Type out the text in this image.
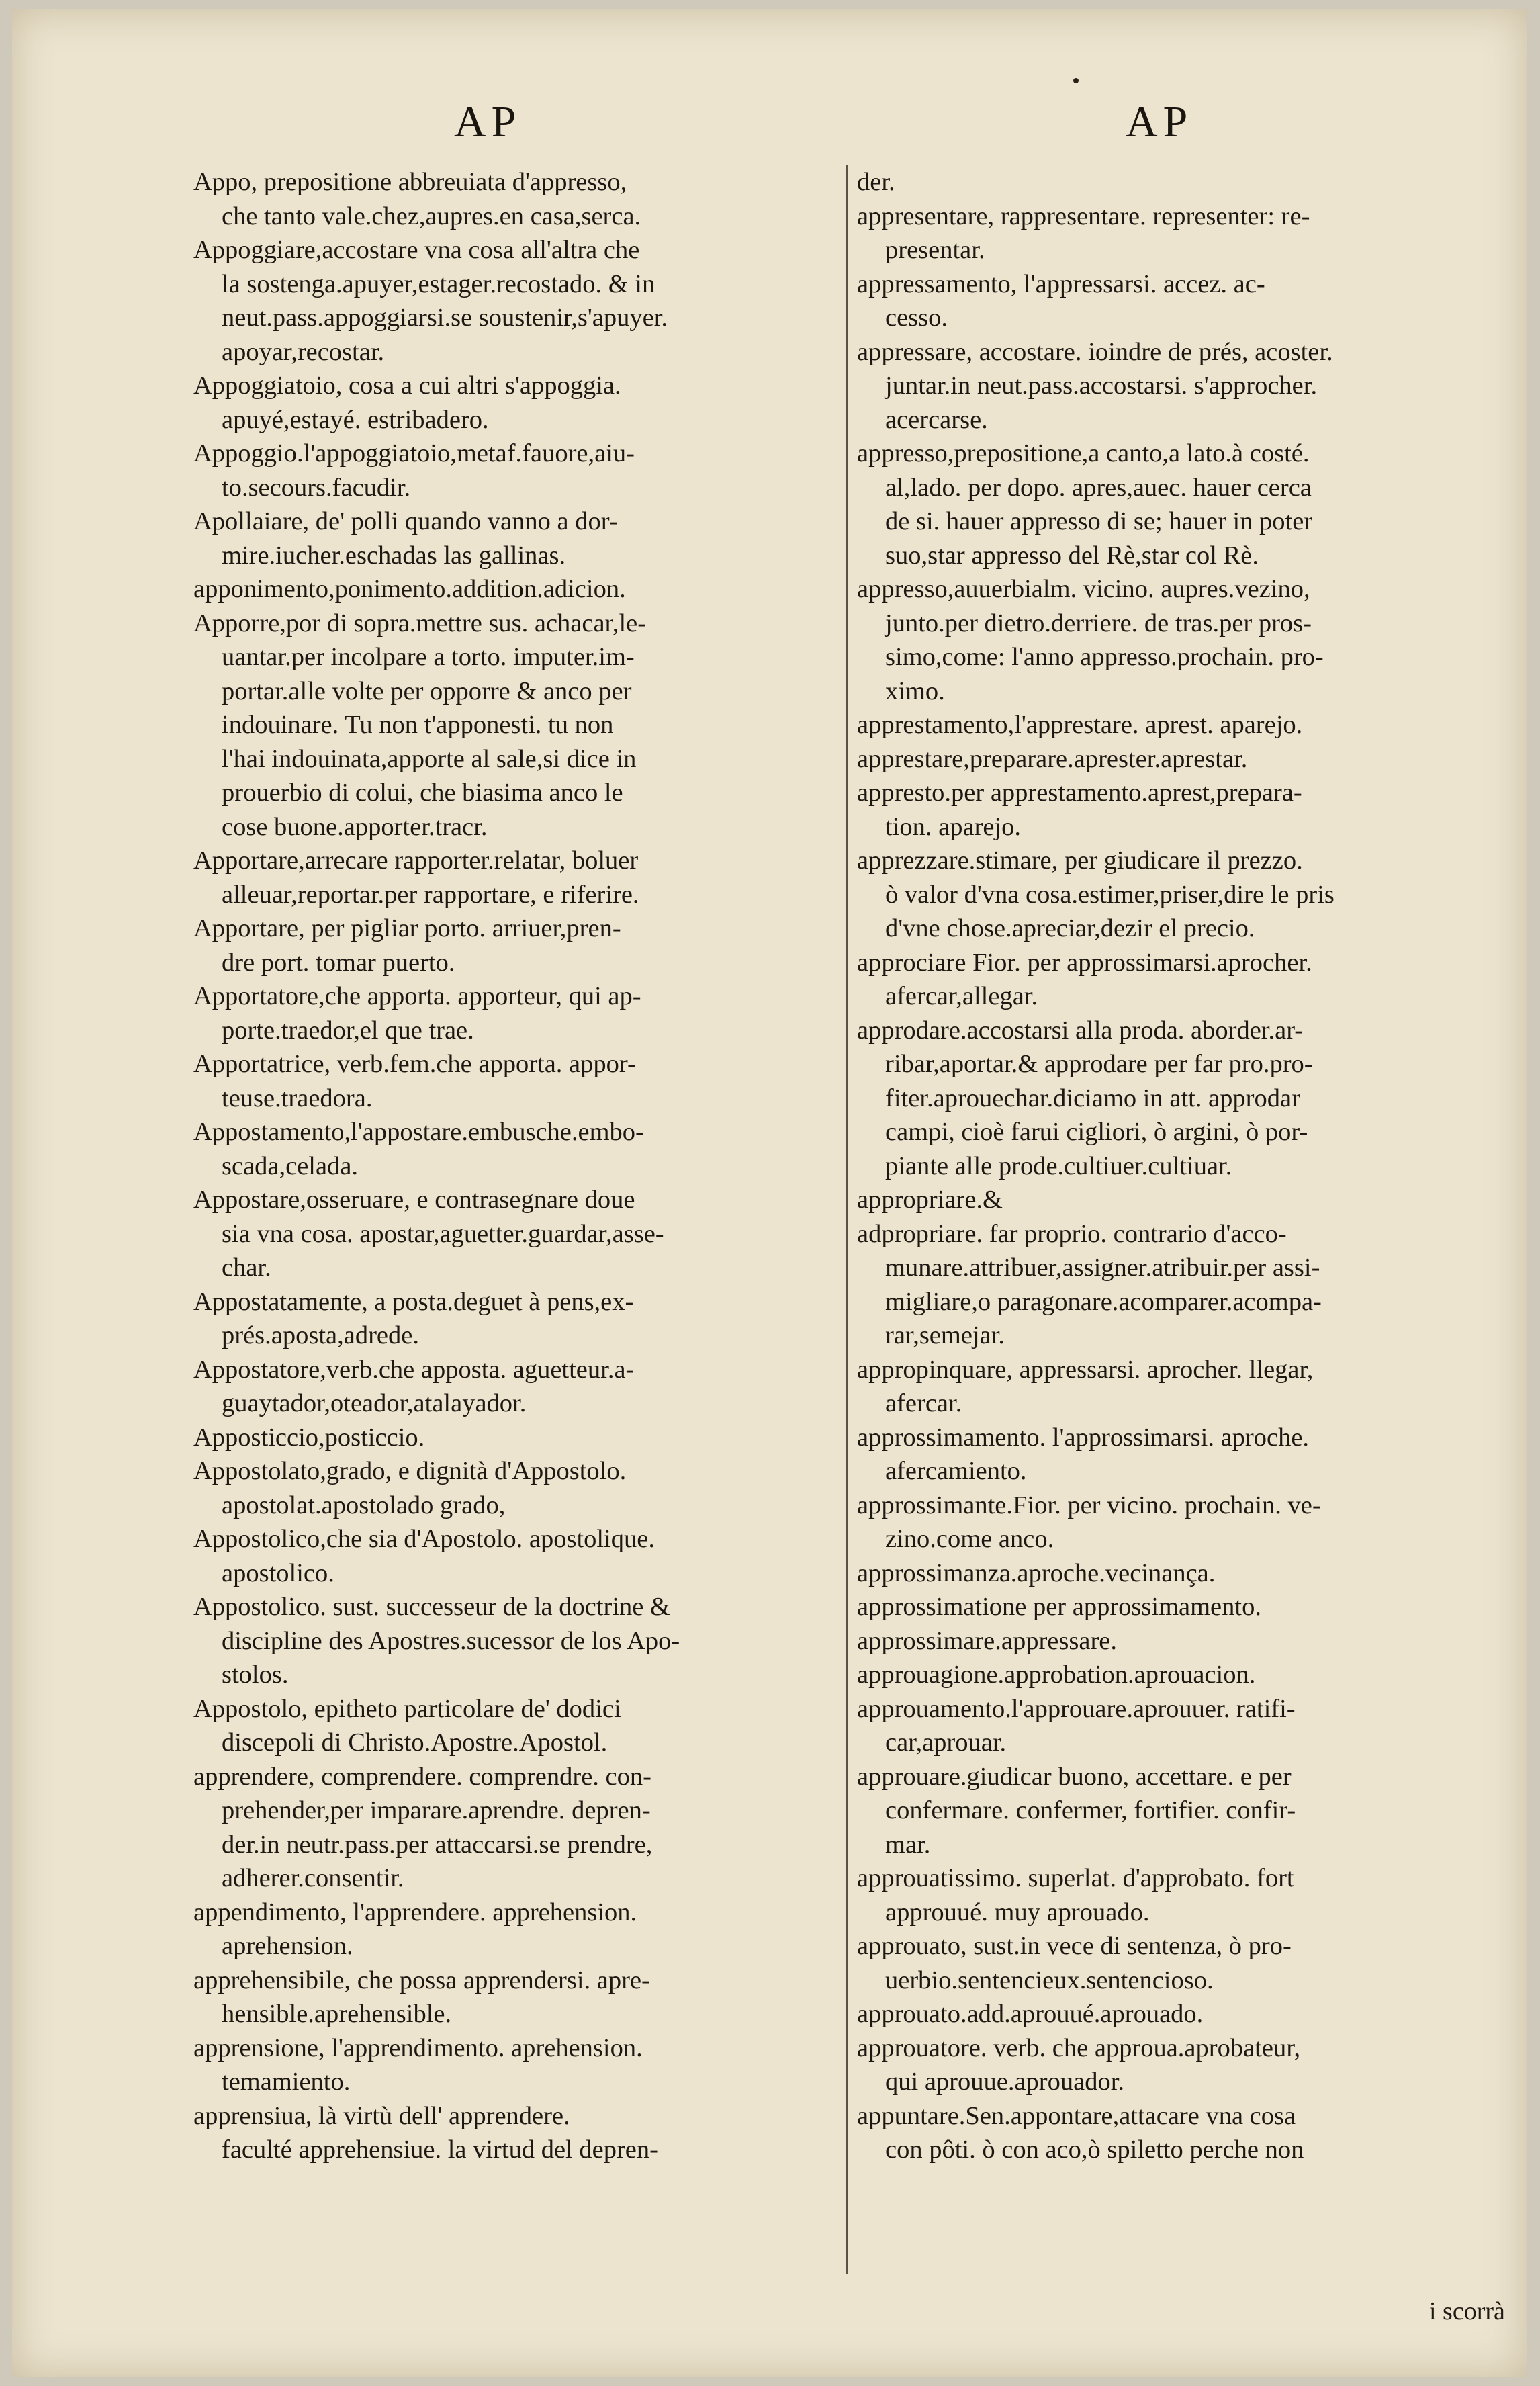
AP	AP
Appo, prepositione abbreuiata d'appresso,
che tanto vale.chez,aupres.en casa,serca.
Appoggiare,accostare vna cosa all'altra che
la sostenga.apuyer,estager.recostado. & in
neut.pass.appoggiarsi.se soustenir,s'apuyer.
apoyar,recostar.
Appoggiatoio, cosa a cui altri s'appoggia.
apuyé,estayé. estribadero.
Appoggio.l'appoggiatoio,metaf.fauore,aiu-
to.secours.facudir.
Apollaiare, de' polli quando vanno a dor-
mire.iucher.eschadas las gallinas.
apponimento,ponimento.addition.adicion.
Apporre,por di sopra.mettre sus. achacar,le-
uantar.per incolpare a torto. imputer.im-
portar.alle volte per opporre & anco per
indouinare. Tu non t'apponesti. tu non
l'hai indouinata,apporte al sale,si dice in
prouerbio di colui, che biasima anco le
cose buone.apporter.tracr.
Apportare,arrecare rapporter.relatar, boluer
alleuar,reportar.per rapportare, e riferire.
Apportare, per pigliar porto. arriuer,pren-
dre port. tomar puerto.
Apportatore,che apporta. apporteur, qui ap-
porte.traedor,el que trae.
Apportatrice, verb.fem.che apporta. appor-
teuse.traedora.
Appostamento,l'appostare.embusche.embo-
scada,celada.
Appostare,osseruare, e contrasegnare doue
sia vna cosa. apostar,aguetter.guardar,asse-
char.
Appostatamente, a posta.deguet à pens,ex-
prés.aposta,adrede.
Appostatore,verb.che apposta. aguetteur.a-
guaytador,oteador,atalayador.
Apposticcio,posticcio.
Appostolato,grado, e dignità d'Appostolo.
apostolat.apostolado grado,
Appostolico,che sia d'Apostolo. apostolique.
apostolico.
Appostolico. sust. successeur de la doctrine &
discipline des Apostres.sucessor de los Apo-
stolos.
Appostolo, epitheto particolare de' dodici
discepoli di Christo.Apostre.Apostol.
apprendere, comprendere. comprendre. con-
prehender,per imparare.aprendre. depren-
der.in neutr.pass.per attaccarsi.se prendre,
adherer.consentir.
appendimento, l'apprendere. apprehension.
aprehension.
apprehensibile, che possa apprendersi. apre-
hensible.aprehensible.
apprensione, l'apprendimento. aprehension.
temamiento.
apprensiua, là virtù dell' apprendere.
faculté apprehensiue. la virtud del depren-
der.
appresentare, rappresentare. representer: re-
presentar.
appressamento, l'appressarsi. accez. ac-
cesso.
appressare, accostare. ioindre de prés, acoster.
juntar.in neut.pass.accostarsi. s'approcher.
acercarse.
appresso,prepositione,a canto,a lato.à costé.
al,lado. per dopo. apres,auec. hauer cerca
de si. hauer appresso di se; hauer in poter
suo,star appresso del Rè,star col Rè.
appresso,auuerbialm. vicino. aupres.vezino,
junto.per dietro.derriere. de tras.per pros-
simo,come: l'anno appresso.prochain. pro-
ximo.
apprestamento,l'apprestare. aprest. aparejo.
apprestare,preparare.aprester.aprestar.
appresto.per apprestamento.aprest,prepara-
tion. aparejo.
apprezzare.stimare, per giudicare il prezzo.
ò valor d'vna cosa.estimer,priser,dire le pris
d'vne chose.apreciar,dezir el precio.
approciare Fior. per approssimarsi.aprocher.
afercar,allegar.
approdare.accostarsi alla proda. aborder.ar-
ribar,aportar.& approdare per far pro.pro-
fiter.aprouechar.diciamo in att. approdar
campi, cioè farui cigliori, ò argini, ò por-
piante alle prode.cultiuer.cultiuar.
appropriare.&
adpropriare. far proprio. contrario d'acco-
munare.attribuer,assigner.atribuir.per assi-
migliare,o paragonare.acomparer.acompa-
rar,semejar.
appropinquare, appressarsi. aprocher. llegar,
afercar.
approssimamento. l'approssimarsi. aproche.
afercamiento.
approssimante.Fior. per vicino. prochain. ve-
zino.come anco.
approssimanza.aproche.vecinança.
approssimatione per approssimamento.
approssimare.appressare.
approuagione.approbation.aprouacion.
approuamento.l'approuare.aprouuer. ratifi-
car,aprouar.
approuare.giudicar buono, accettare. e per
confermare. confermer, fortifier. confir-
mar.
approuatissimo. superlat. d'approbato. fort
approuué. muy aprouado.
approuato, sust.in vece di sentenza, ò pro-
uerbio.sentencieux.sentencioso.
approuato.add.aprouué.aprouado.
approuatore. verb. che approua.aprobateur,
qui aprouue.aprouador.
appuntare.Sen.appontare,attacare vna cosa
con pôti. ò con aco,ò spiletto perche non
i scorrà
